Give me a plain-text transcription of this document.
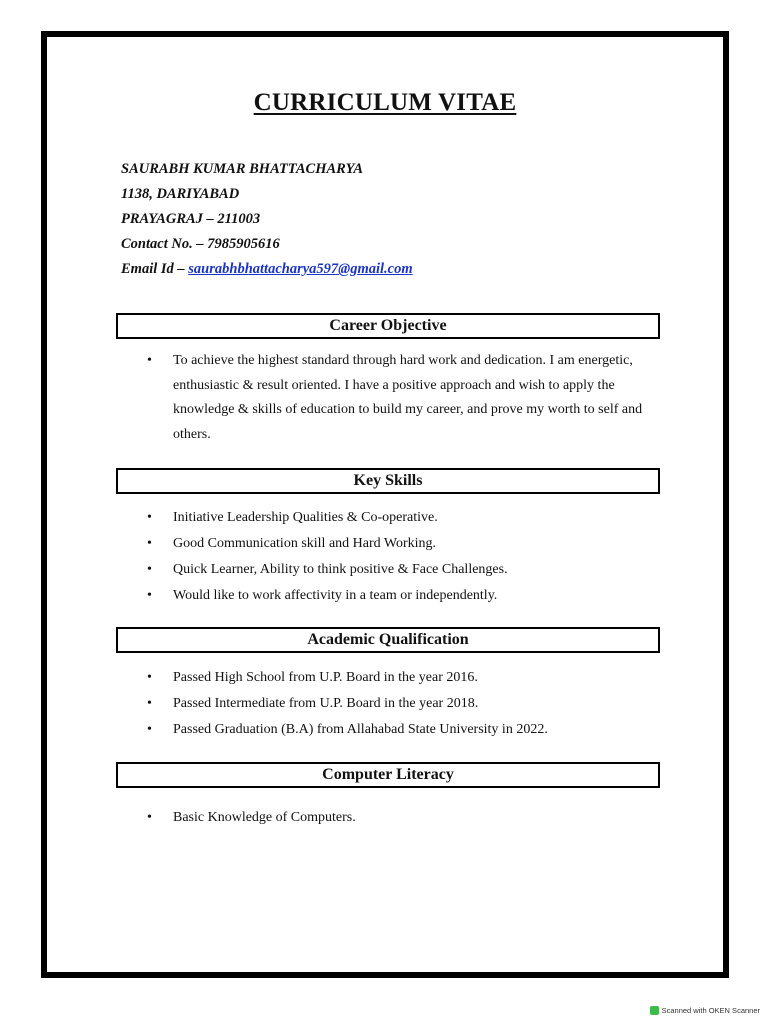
CURRICULUM VITAE
SAURABH KUMAR BHATTACHARYA
1138, DARIYABAD
PRAYAGRAJ – 211003
Contact No. – 7985905616
Email Id – saurabhbhattacharya597@gmail.com
Career Objective
• To achieve the highest standard through hard work and dedication. I am energetic, enthusiastic & result oriented. I have a positive approach and wish to apply the knowledge & skills of education to build my career, and prove my worth to self and others.
Key Skills
• Initiative Leadership Qualities & Co-operative.
• Good Communication skill and Hard Working.
• Quick Learner, Ability to think positive & Face Challenges.
• Would like to work affectivity in a team or independently.
Academic Qualification
• Passed High School from U.P. Board in the year 2016.
• Passed Intermediate from U.P. Board in the year 2018.
• Passed Graduation (B.A) from Allahabad State University in 2022.
Computer Literacy
• Basic Knowledge of Computers.
Scanned with OKEN Scanner
